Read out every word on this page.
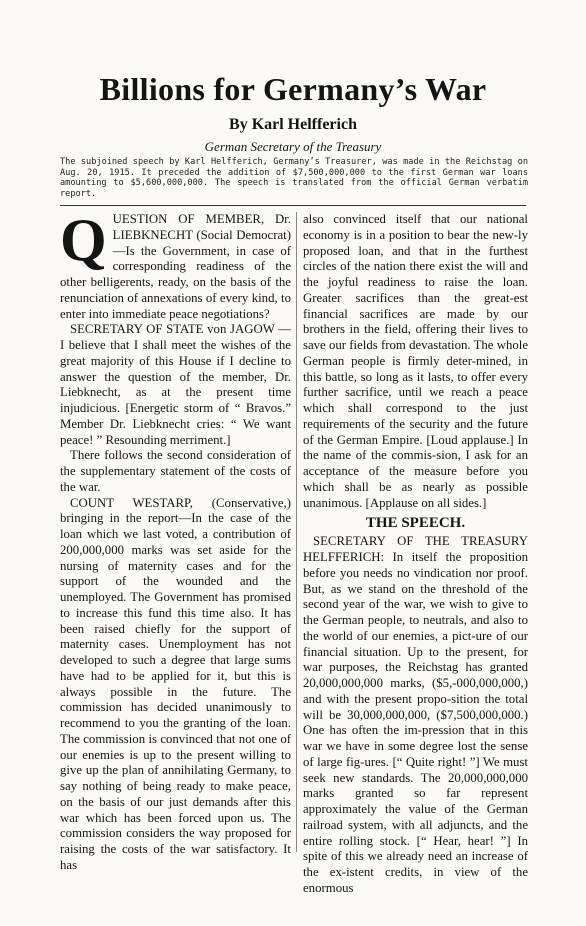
Billions for Germany’s War
By Karl Helfferich
German Secretary of the Treasury
The subjoined speech by Karl Helfferich, Germany’s Treasurer, was made in the Reichstag on Aug. 20, 1915. It preceded the addition of $7,500,000,000 to the first German war loans amounting to $5,600,000,000. The speech is translated from the official German verbatim report.

QUESTION OF MEMBER, Dr. LIEBKNECHT (Social Democrat)—Is the Government, in case of corresponding readiness of the other belligerents, ready, on the basis of the renunciation of annexations of every kind, to enter into immediate peace negotiations?

SECRETARY OF STATE von JAGOW —I believe that I shall meet the wishes of the great majority of this House if I decline to answer the question of the member, Dr. Liebknecht, as at the present time injudicious. [Energetic storm of “ Bravos.” Member Dr. Liebknecht cries: “ We want peace! ” Resounding merriment.]

There follows the second consideration of the supplementary statement of the costs of the war.

COUNT WESTARP, (Conservative,) bringing in the report—In the case of the loan which we last voted, a contribution of 200,000,000 marks was set aside for the nursing of maternity cases and for the support of the wounded and the unemployed. The Government has promised to increase this fund this time also. It has been raised chiefly for the support of maternity cases. Unemployment has not developed to such a degree that large sums have had to be applied for it, but this is always possible in the future. The commission has decided unanimously to recommend to you the granting of the loan. The commission is convinced that not one of our enemies is up to the present willing to give up the plan of annihilating Germany, to say nothing of being ready to make peace, on the basis of our just demands after this war which has been forced upon us. The commission considers the way proposed for raising the costs of the war satisfactory. It has

also convinced itself that our national economy is in a position to bear the new-ly proposed loan, and that in the furthest circles of the nation there exist the will and the joyful readiness to raise the loan. Greater sacrifices than the great-est financial sacrifices are made by our brothers in the field, offering their lives to save our fields from devastation. The whole German people is firmly deter-mined, in this battle, so long as it lasts, to offer every further sacrifice, until we reach a peace which shall correspond to the just requirements of the security and the future of the German Empire. [Loud applause.] In the name of the commis-sion, I ask for an acceptance of the measure before you which shall be as nearly as possible unanimous. [Applause on all sides.]

THE SPEECH.

SECRETARY OF THE TREASURY HELFFERICH: In itself the proposition before you needs no vindication nor proof. But, as we stand on the threshold of the second year of the war, we wish to give to the German people, to neutrals, and also to the world of our enemies, a pict-ure of our financial situation. Up to the present, for war purposes, the Reichstag has granted 20,000,000,000 marks, ($5,-000,000,000,) and with the present propo-sition the total will be 30,000,000,000, ($7,500,000,000.) One has often the im-pression that in this war we have in some degree lost the sense of large fig-ures. [“ Quite right! ”] We must seek new standards. The 20,000,000,000 marks granted so far represent approximately the value of the German railroad system, with all adjuncts, and the entire rolling stock. [“ Hear, hear! ”] In spite of this we already need an increase of the ex-istent credits, in view of the enormous
